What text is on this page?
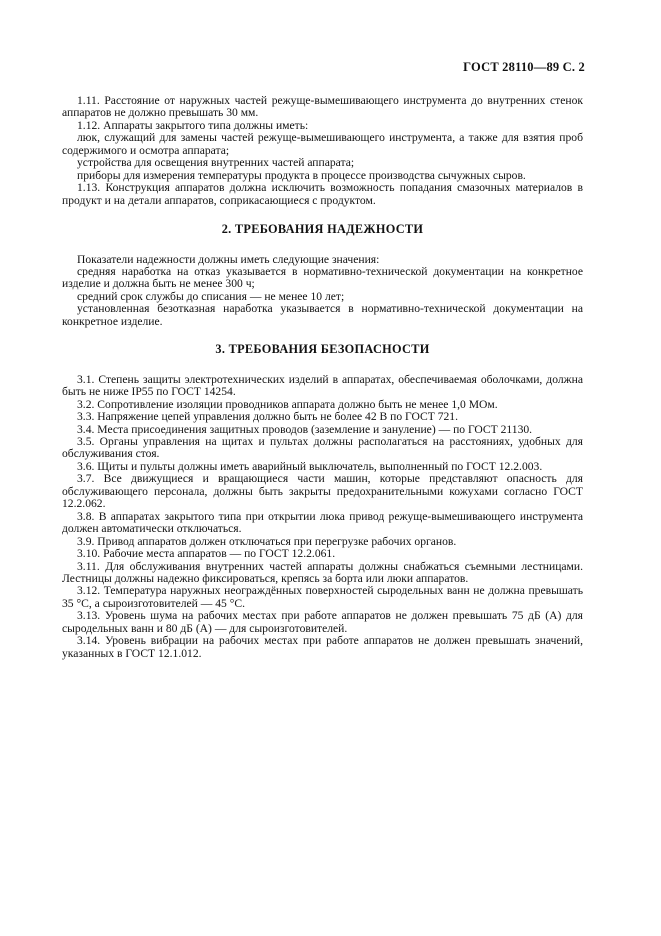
ГОСТ 28110—89 С. 2

1.11. Расстояние от наружных частей режуще-вымешивающего инструмента до внутренних стенок аппаратов не должно превышать 30 мм.

1.12. Аппараты закрытого типа должны иметь:

люк, служащий для замены частей режуще-вымешивающего инструмента, а также для взятия проб содержимого и осмотра аппарата;

устройства для освещения внутренних частей аппарата;

приборы для измерения температуры продукта в процессе производства сычужных сыров.

1.13. Конструкция аппаратов должна исключить возможность попадания смазочных материалов в продукт и на детали аппаратов, соприкасающиеся с продуктом.

2. ТРЕБОВАНИЯ НАДЕЖНОСТИ

Показатели надежности должны иметь следующие значения:

средняя наработка на отказ указывается в нормативно-технической документации на конкретное изделие и должна быть не менее 300 ч;

средний срок службы до списания — не менее 10 лет;

установленная безотказная наработка указывается в нормативно-технической документации на конкретное изделие.

3. ТРЕБОВАНИЯ БЕЗОПАСНОСТИ

3.1. Степень защиты электротехнических изделий в аппаратах, обеспечиваемая оболочками, должна быть не ниже IP55 по ГОСТ 14254.

3.2. Сопротивление изоляции проводников аппарата должно быть не менее 1,0 МОм.

3.3. Напряжение цепей управления должно быть не более 42 В по ГОСТ 721.

3.4. Места присоединения защитных проводов (заземление и зануление) — по ГОСТ 21130.

3.5. Органы управления на щитах и пультах должны располагаться на расстояниях, удобных для обслуживания стоя.

3.6. Щиты и пульты должны иметь аварийный выключатель, выполненный по ГОСТ 12.2.003.

3.7. Все движущиеся и вращающиеся части машин, которые представляют опасность для обслуживающего персонала, должны быть закрыты предохранительными кожухами согласно ГОСТ 12.2.062.

3.8. В аппаратах закрытого типа при открытии люка привод режуще-вымешивающего инструмента должен автоматически отключаться.

3.9. Привод аппаратов должен отключаться при перегрузке рабочих органов.

3.10. Рабочие места аппаратов — по ГОСТ 12.2.061.

3.11. Для обслуживания внутренних частей аппараты должны снабжаться съемными лестницами. Лестницы должны надежно фиксироваться, крепясь за борта или люки аппаратов.

3.12. Температура наружных неограждённых поверхностей сыродельных ванн не должна превышать 35 °С, а сыроизготовителей — 45 °С.

3.13. Уровень шума на рабочих местах при работе аппаратов не должен превышать 75 дБ (А) для сыродельных ванн и 80 дБ (А) — для сыроизготовителей.

3.14. Уровень вибрации на рабочих местах при работе аппаратов не должен превышать значений, указанных в ГОСТ 12.1.012.
